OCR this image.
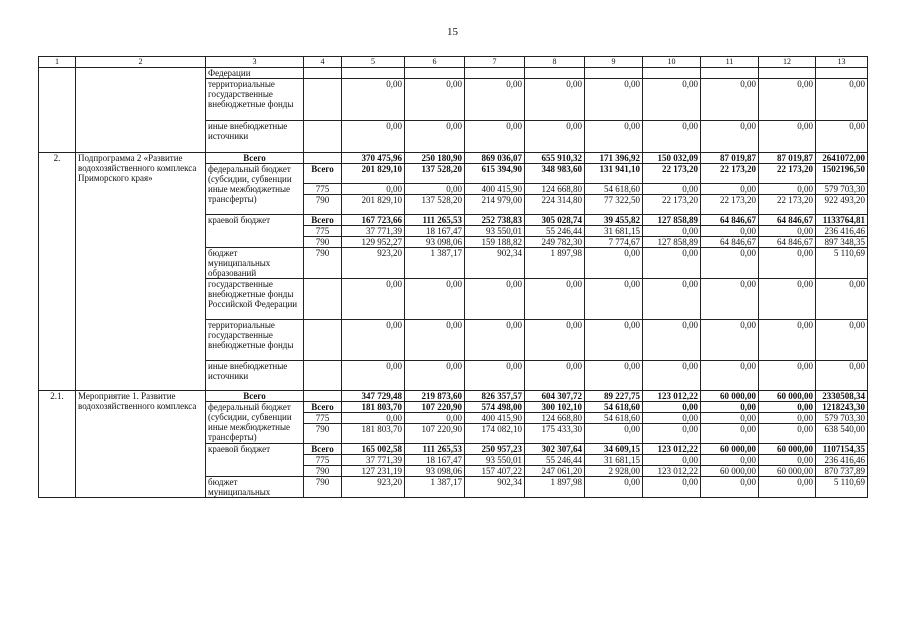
15
1	2	3	4	5	6	7	8	9	10	11	12	13
		Федерации										
		территориальные государственные внебюджетные фонды		0,00	0,00	0,00	0,00	0,00	0,00	0,00	0,00	0,00
		иные внебюджетные источники		0,00	0,00	0,00	0,00	0,00	0,00	0,00	0,00	0,00
2.	Подпрограмма 2 «Развитие водохозяйственного комплекса Приморского края»	Всего		370 475,96	250 180,90	869 036,07	655 910,32	171 396,92	150 032,09	87 019,87	87 019,87	2641072,00
		федеральный бюджет (субсидии, субвенции иные межбюджетные трансферты)	Всего	201 829,10	137 528,20	615 394,90	348 983,60	131 941,10	22 173,20	22 173,20	22 173,20	1502196,50
			775	0,00	0,00	400 415,90	124 668,80	54 618,60	0,00	0,00	0,00	579 703,30
			790	201 829,10	137 528,20	214 979,00	224 314,80	77 322,50	22 173,20	22 173,20	22 173,20	922 493,20
		краевой бюджет	Всего	167 723,66	111 265,53	252 738,83	305 028,74	39 455,82	127 858,89	64 846,67	64 846,67	1133764,81
			775	37 771,39	18 167,47	93 550,01	55 246,44	31 681,15	0,00	0,00	0,00	236 416,46
			790	129 952,27	93 098,06	159 188,82	249 782,30	7 774,67	127 858,89	64 846,67	64 846,67	897 348,35
		бюджет муниципальных образований	790	923,20	1 387,17	902,34	1 897,98	0,00	0,00	0,00	0,00	5 110,69
		государственные внебюджетные фонды Российской Федерации		0,00	0,00	0,00	0,00	0,00	0,00	0,00	0,00	0,00
		территориальные государственные внебюджетные фонды		0,00	0,00	0,00	0,00	0,00	0,00	0,00	0,00	0,00
		иные внебюджетные источники		0,00	0,00	0,00	0,00	0,00	0,00	0,00	0,00	0,00
2.1.	Мероприятие 1. Развитие водохозяйственного комплекса	Всего		347 729,48	219 873,60	826 357,57	604 307,72	89 227,75	123 012,22	60 000,00	60 000,00	2330508,34
		федеральный бюджет (субсидии, субвенции иные межбюджетные трансферты)	Всего	181 803,70	107 220,90	574 498,00	300 102,10	54 618,60	0,00	0,00	0,00	1218243,30
			775	0,00	0,00	400 415,90	124 668,80	54 618,60	0,00	0,00	0,00	579 703,30
			790	181 803,70	107 220,90	174 082,10	175 433,30	0,00	0,00	0,00	0,00	638 540,00
		краевой бюджет	Всего	165 002,58	111 265,53	250 957,23	302 307,64	34 609,15	123 012,22	60 000,00	60 000,00	1107154,35
			775	37 771,39	18 167,47	93 550,01	55 246,44	31 681,15	0,00	0,00	0,00	236 416,46
			790	127 231,19	93 098,06	157 407,22	247 061,20	2 928,00	123 012,22	60 000,00	60 000,00	870 737,89
		бюджет муниципальных	790	923,20	1 387,17	902,34	1 897,98	0,00	0,00	0,00	0,00	5 110,69
